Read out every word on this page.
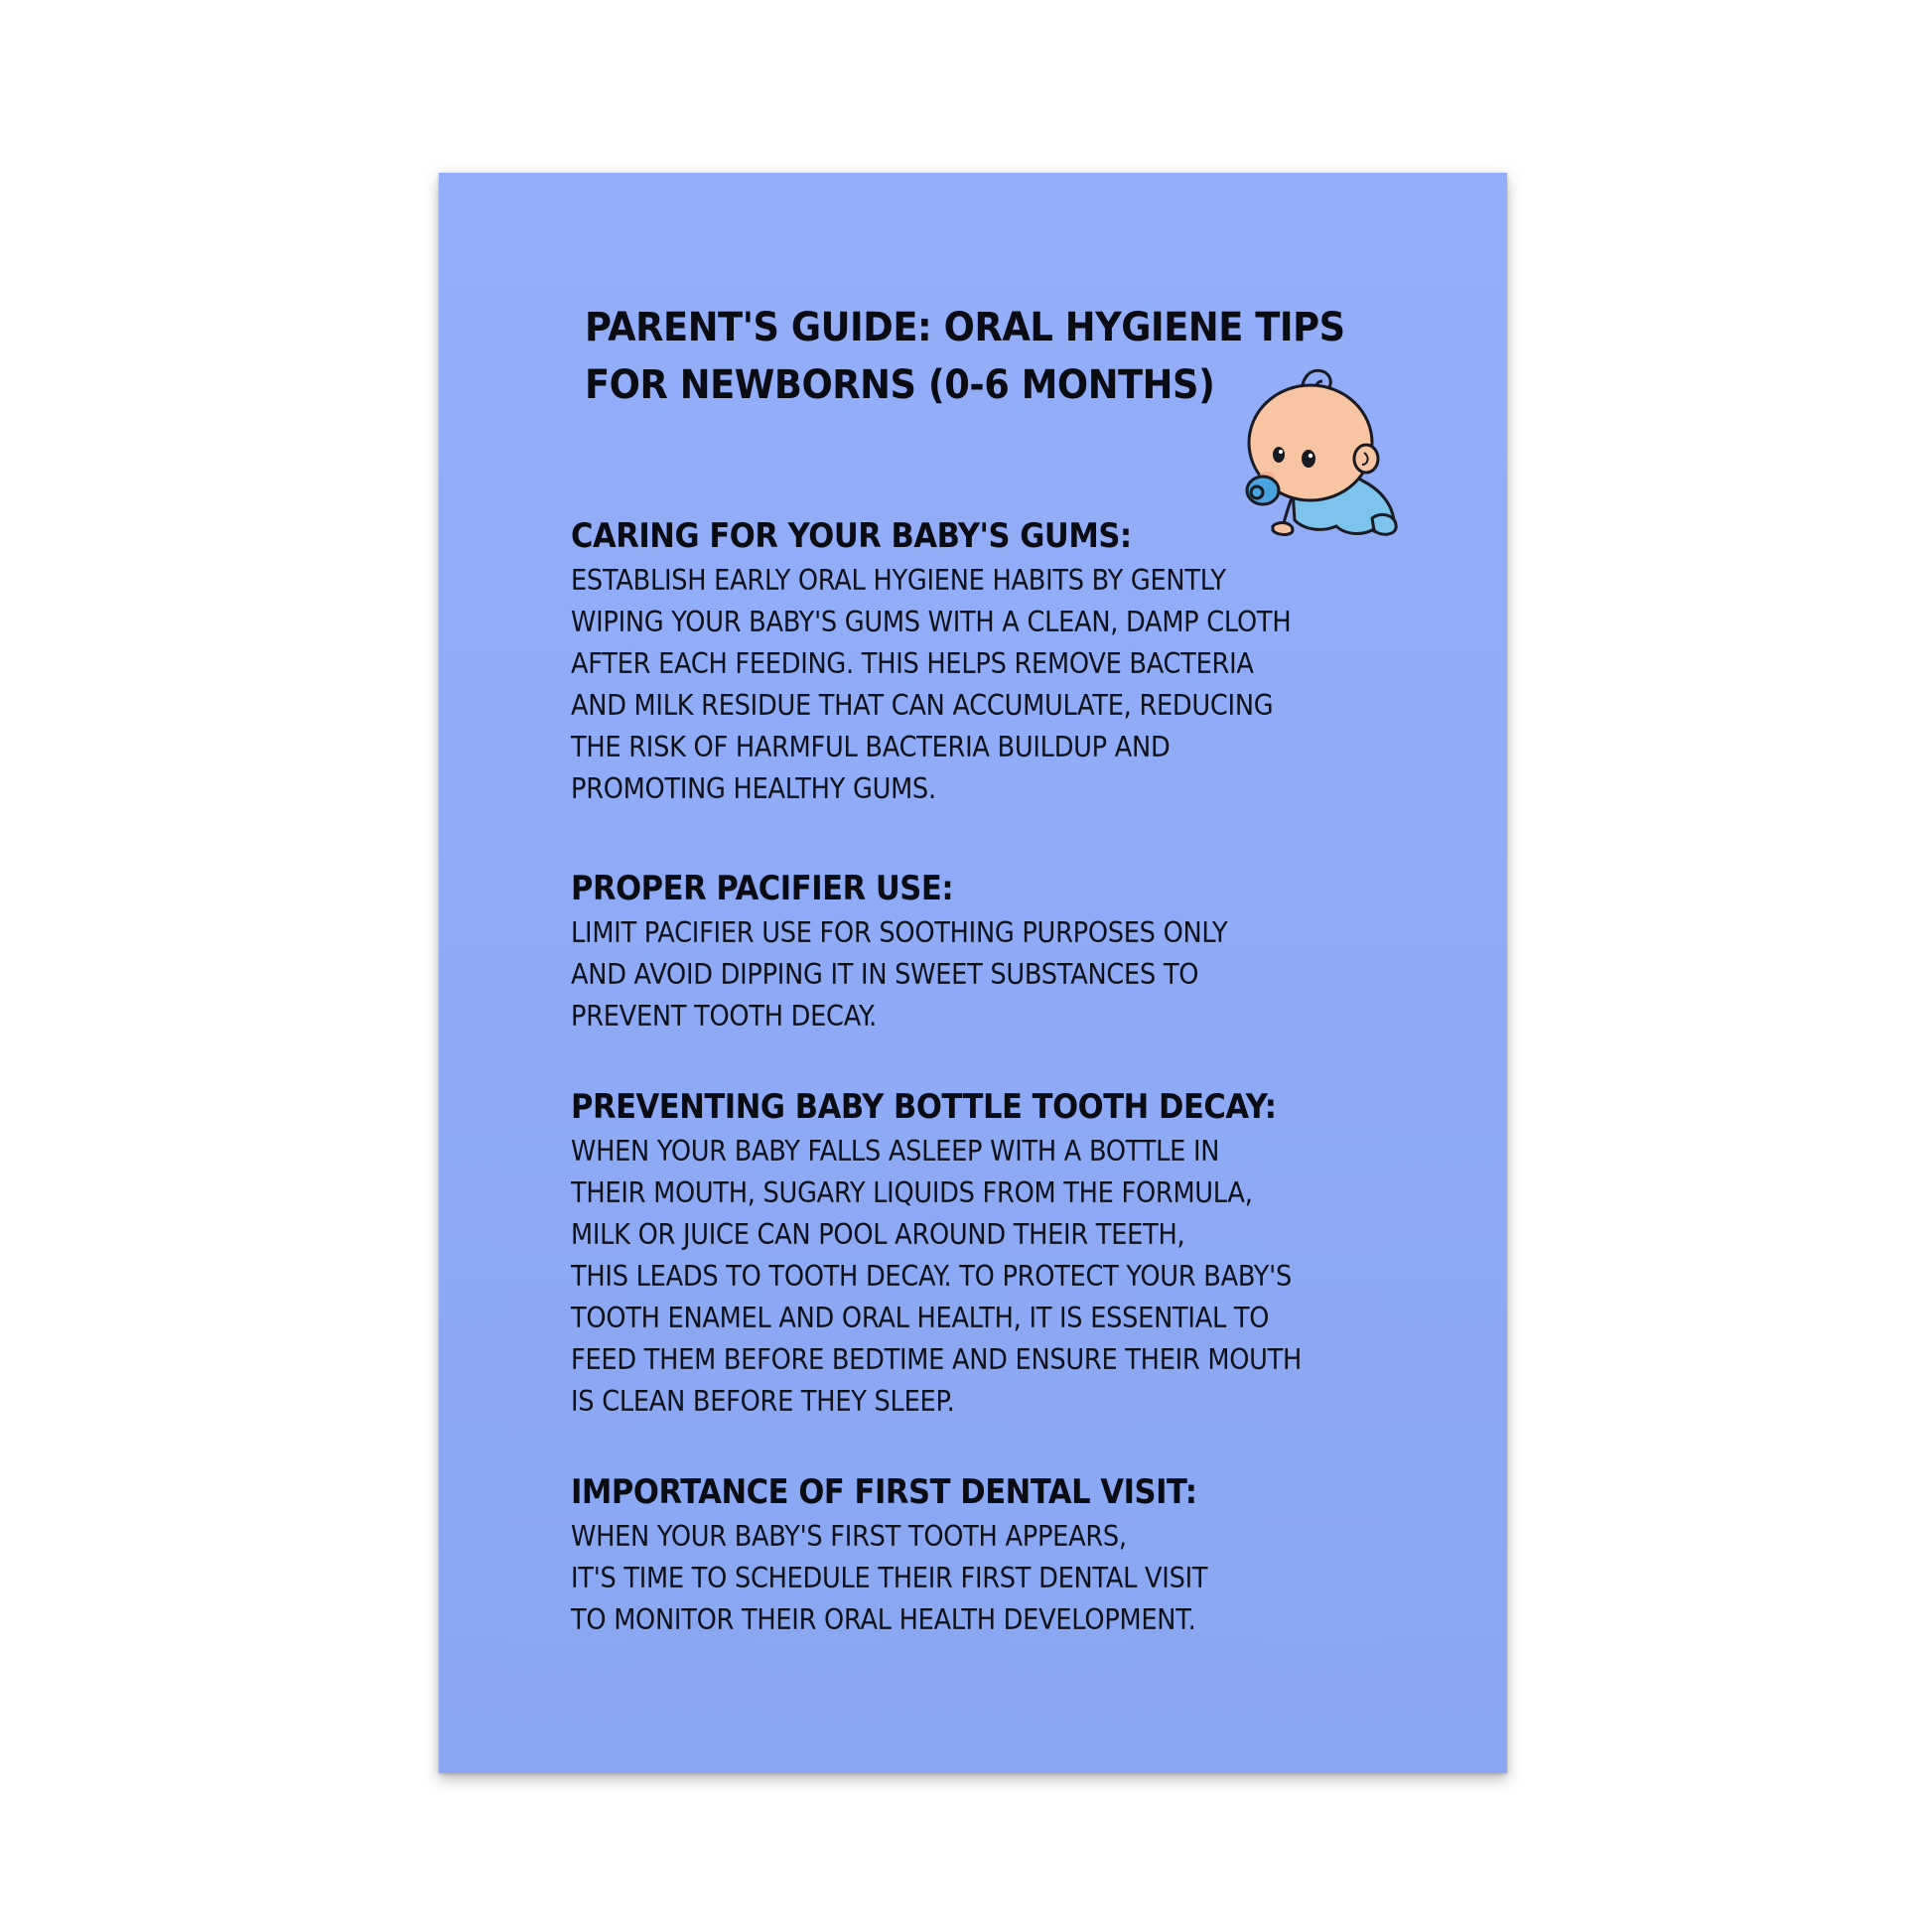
PARENT'S GUIDE: ORAL HYGIENE TIPS
FOR NEWBORNS (0-6 MONTHS)
CARING FOR YOUR BABY'S GUMS:
ESTABLISH EARLY ORAL HYGIENE HABITS BY GENTLY
WIPING YOUR BABY'S GUMS WITH A CLEAN, DAMP CLOTH
AFTER EACH FEEDING. THIS HELPS REMOVE BACTERIA
AND MILK RESIDUE THAT CAN ACCUMULATE, REDUCING
THE RISK OF HARMFUL BACTERIA BUILDUP AND
PROMOTING HEALTHY GUMS.
PROPER PACIFIER USE:
LIMIT PACIFIER USE FOR SOOTHING PURPOSES ONLY
AND AVOID DIPPING IT IN SWEET SUBSTANCES TO
PREVENT TOOTH DECAY.
PREVENTING BABY BOTTLE TOOTH DECAY:
WHEN YOUR BABY FALLS ASLEEP WITH A BOTTLE IN
THEIR MOUTH, SUGARY LIQUIDS FROM THE FORMULA,
MILK OR JUICE CAN POOL AROUND THEIR TEETH,
THIS LEADS TO TOOTH DECAY. TO PROTECT YOUR BABY'S
TOOTH ENAMEL AND ORAL HEALTH, IT IS ESSENTIAL TO
FEED THEM BEFORE BEDTIME AND ENSURE THEIR MOUTH
IS CLEAN BEFORE THEY SLEEP.
IMPORTANCE OF FIRST DENTAL VISIT:
WHEN YOUR BABY'S FIRST TOOTH APPEARS,
IT'S TIME TO SCHEDULE THEIR FIRST DENTAL VISIT
TO MONITOR THEIR ORAL HEALTH DEVELOPMENT.
